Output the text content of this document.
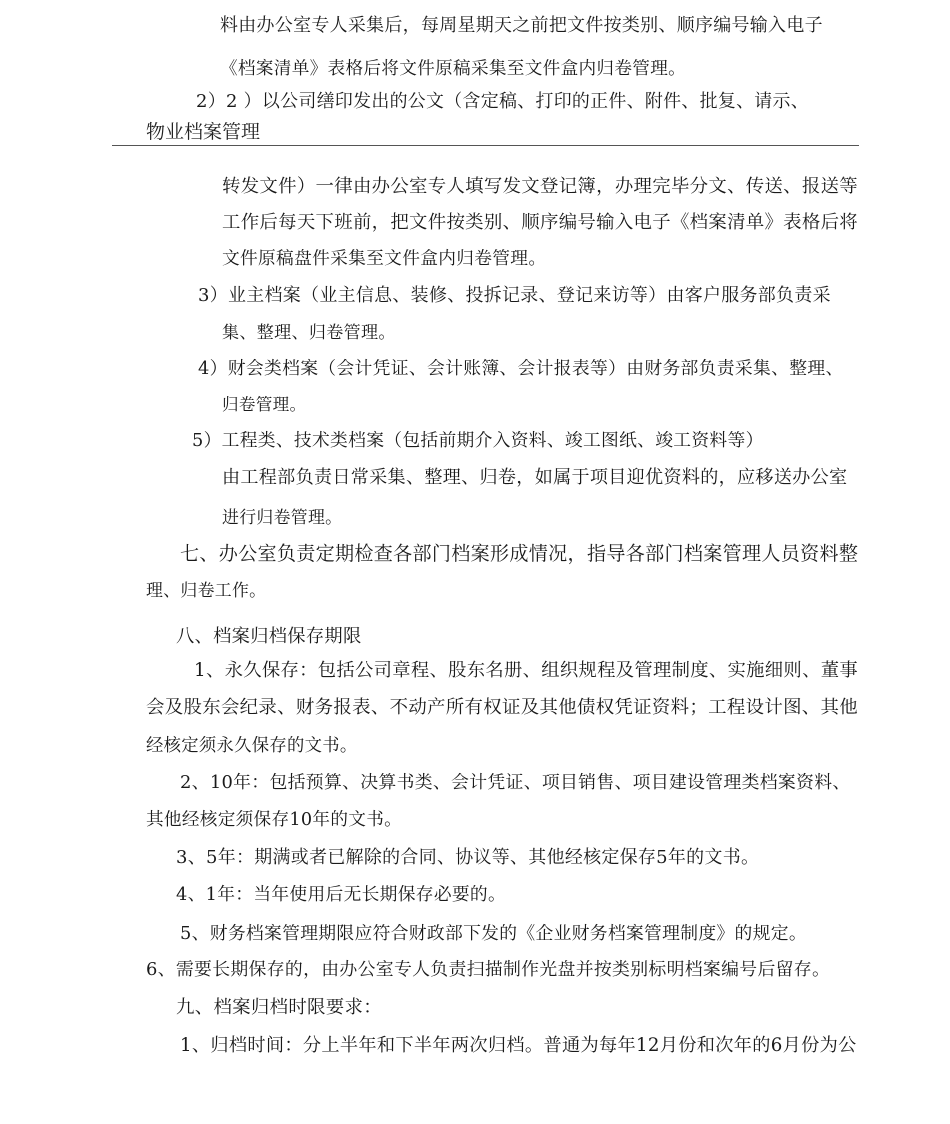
料由办公室专人采集后，每周星期天之前把文件按类别、顺序编号输入电子
《档案清单》表格后将文件原稿采集至文件盒内归卷管理。
2）2 ）以公司缮印发出的公文（含定稿、打印的正件、附件、批复、请示、
物业档案管理
转发文件）一律由办公室专人填写发文登记簿，办理完毕分文、传送、报送等
工作后每天下班前，把文件按类别、顺序编号输入电子《档案清单》表格后将
文件原稿盘件采集至文件盒内归卷管理。
3）业主档案（业主信息、装修、投拆记录、登记来访等）由客户服务部负责采
集、整理、归卷管理。
4）财会类档案（会计凭证、会计账簿、会计报表等）由财务部负责采集、整理、
归卷管理。
5）工程类、技术类档案（包括前期介入资料、竣工图纸、竣工资料等）
由工程部负责日常采集、整理、归卷，如属于项目迎优资料的，应移送办公室
进行归卷管理。
七、办公室负责定期检查各部门档案形成情况，指导各部门档案管理人员资料整
理、归卷工作。
八、档案归档保存期限
1、永久保存：包括公司章程、股东名册、组织规程及管理制度、实施细则、董事
会及股东会纪录、财务报表、不动产所有权证及其他债权凭证资料；工程设计图、其他
经核定须永久保存的文书。
2、10年：包括预算、决算书类、会计凭证、项目销售、项目建设管理类档案资料、
其他经核定须保存10年的文书。
3、5年：期满或者已解除的合同、协议等、其他经核定保存5年的文书。
4、1年：当年使用后无长期保存必要的。
5、财务档案管理期限应符合财政部下发的《企业财务档案管理制度》的规定。
6、需要长期保存的，由办公室专人负责扫描制作光盘并按类别标明档案编号后留存。
九、档案归档时限要求：
1、归档时间：分上半年和下半年两次归档。普通为每年12月份和次年的6月份为公
